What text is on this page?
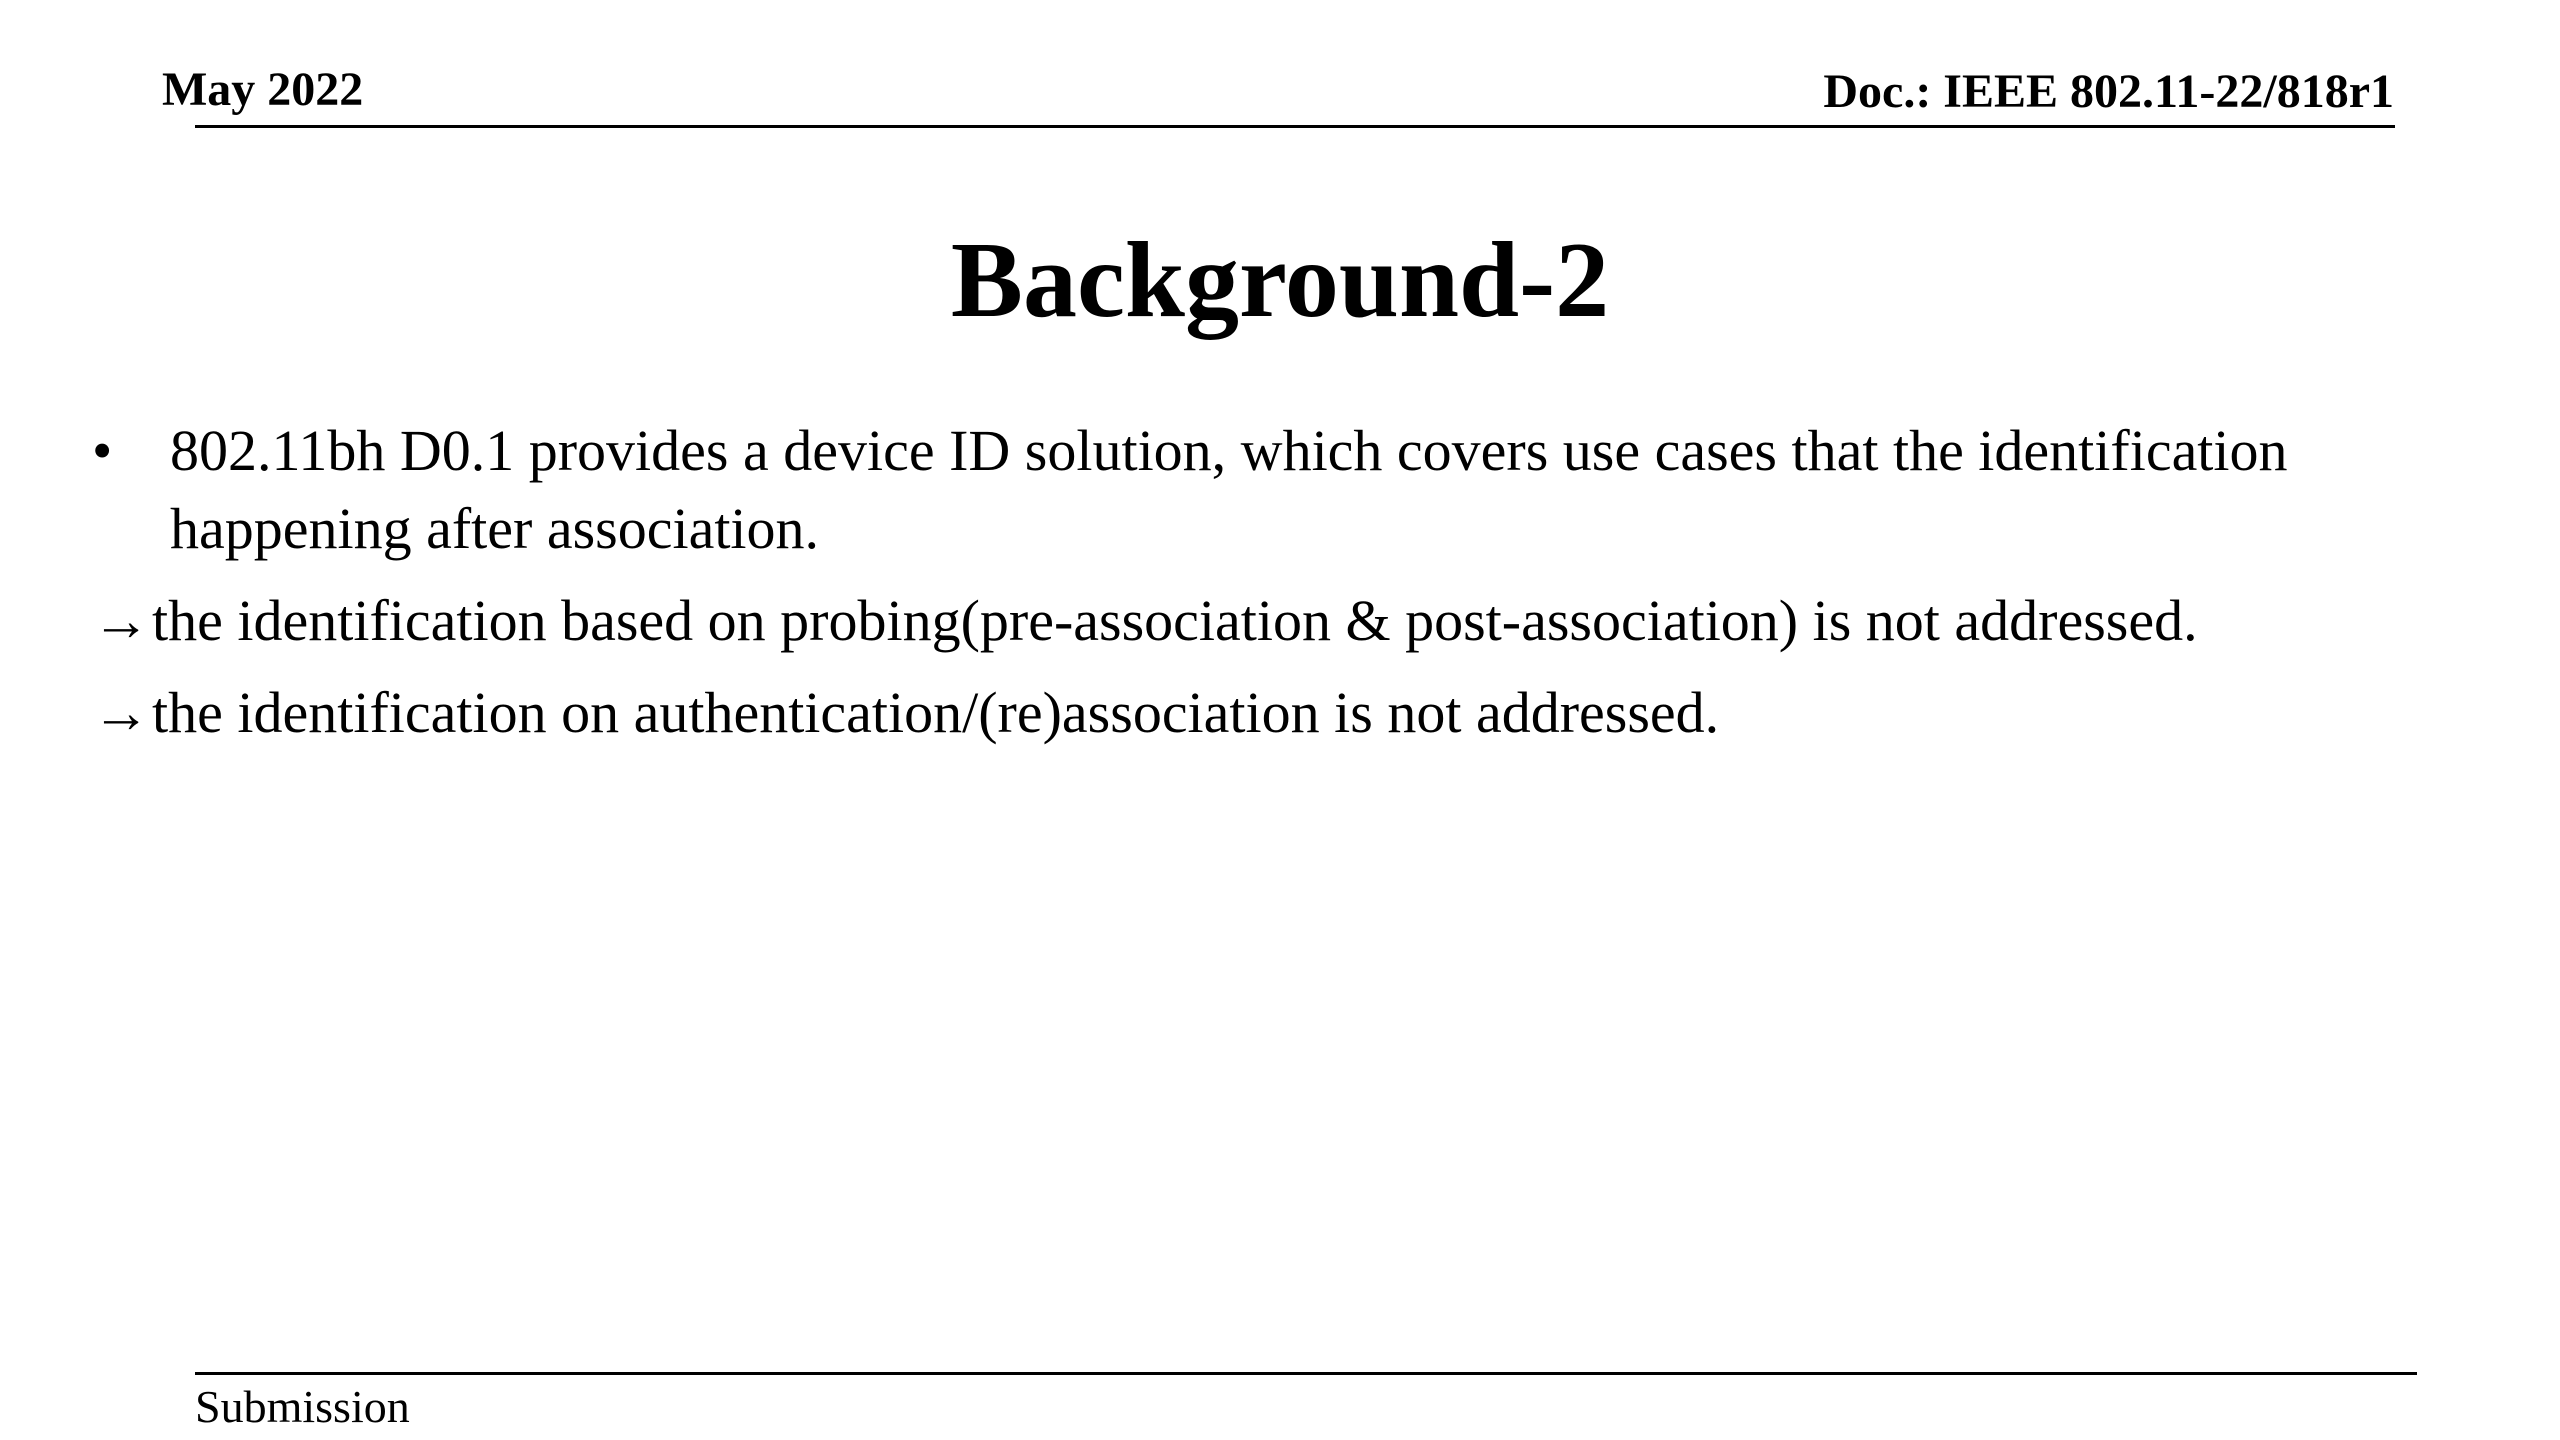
May 2022	Doc.: IEEE 802.11-22/818r1
Background-2
• 802.11bh D0.1 provides a device ID solution, which covers use cases that the identification happening after association.
→ the identification based on probing(pre-association & post-association) is not addressed.
→ the identification on authentication/(re)association is not addressed.
Submission
